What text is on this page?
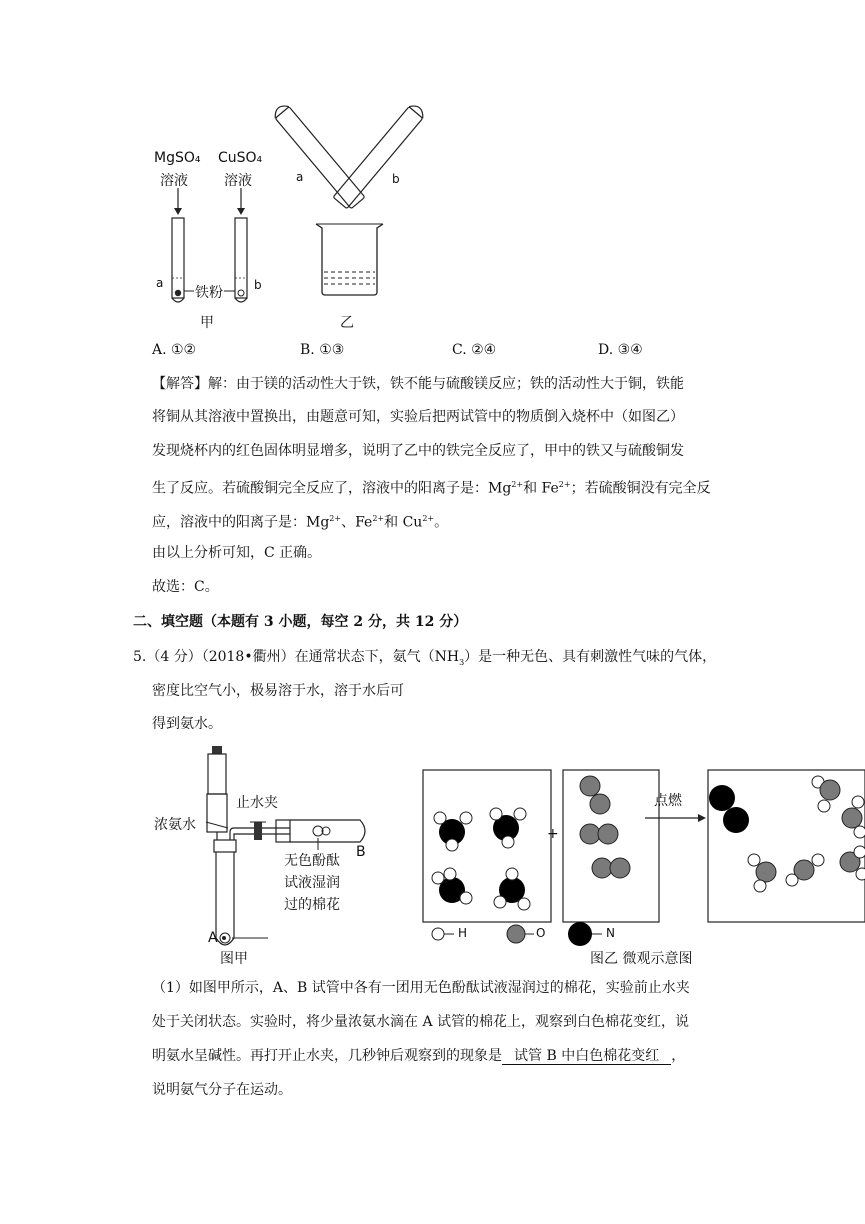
MgSO₄
溶液
CuSO₄
溶液
a	b
铁粉
甲
a	b
乙
A. ①②	B. ①③	C. ②④	D. ③④
【解答】解：由于镁的活动性大于铁，铁不能与硫酸镁反应；铁的活动性大于铜，铁能
将铜从其溶液中置换出，由题意可知，实验后把两试管中的物质倒入烧杯中（如图乙）
发现烧杯内的红色固体明显增多，说明了乙中的铁完全反应了，甲中的铁又与硫酸铜发
生了反应。若硫酸铜完全反应了，溶液中的阳离子是：$Mg^{2+}$和 $Fe^{2+}$；若硫酸铜没有完全反
应，溶液中的阳离子是：$Mg^{2+}$、$Fe^{2+}$和 $Cu^{2+}$。
由以上分析可知，C 正确。
故选：C。
二、填空题（本题有 3 小题，每空 2 分，共 12 分）
5.（4 分）（2018•衢州）在通常状态下，氨气$(NH_3)$是一种无色、具有刺激性气味的气体，
密度比空气小，极易溶于水，溶于水后可
得到氨水。
止水夹
浓氨水
B
无色酚酞
试液湿润
过的棉花
A
图甲
+
点燃
H	O	N
图乙 微观示意图
（1）如图甲所示，A、B 试管中各有一团用无色酚酞试液湿润过的棉花，实验前止水夹
处于关闭状态。实验时，将少量浓氨水滴在 A 试管的棉花上，观察到白色棉花变红，说
明氨水呈碱性。再打开止水夹，几秒钟后观察到的现象是 试管 B 中白色棉花变红 ，
说明氨气分子在运动。
